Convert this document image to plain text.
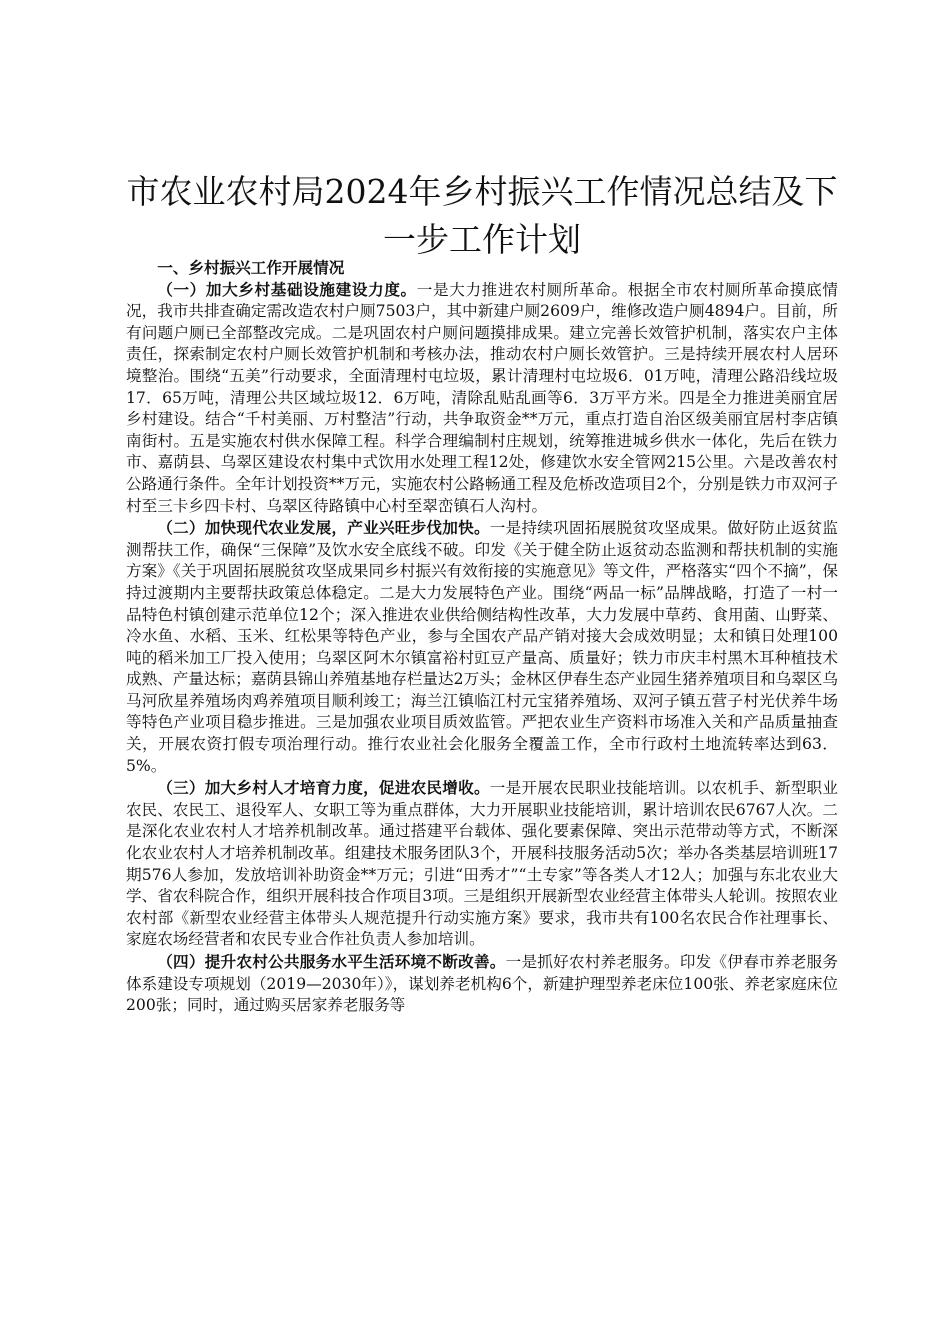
市农业农村局2024年乡村振兴工作情况总结及下一步工作计划

一、乡村振兴工作开展情况

（一）加大乡村基础设施建设力度。一是大力推进农村厕所革命。根据全市农村厕所革命摸底情况，我市共排查确定需改造农村户厕7503户，其中新建户厕2609户，维修改造户厕4894户。目前，所有问题户厕已全部整改完成。二是巩固农村户厕问题摸排成果。建立完善长效管护机制，落实农户主体责任，探索制定农村户厕长效管护机制和考核办法，推动农村户厕长效管护。三是持续开展农村人居环境整治。围绕“五美”行动要求，全面清理村屯垃圾，累计清理村屯垃圾6．01万吨，清理公路沿线垃圾17．65万吨，清理公共区域垃圾12．6万吨，清除乱贴乱画等6．3万平方米。四是全力推进美丽宜居乡村建设。结合“千村美丽、万村整洁”行动，共争取资金**万元，重点打造自治区级美丽宜居村李店镇南街村。五是实施农村供水保障工程。科学合理编制村庄规划，统筹推进城乡供水一体化，先后在铁力市、嘉荫县、乌翠区建设农村集中式饮用水处理工程12处，修建饮水安全管网215公里。六是改善农村公路通行条件。全年计划投资**万元，实施农村公路畅通工程及危桥改造项目2个，分别是铁力市双河子村至三卡乡四卡村、乌翠区待路镇中心村至翠峦镇石人沟村。

（二）加快现代农业发展，产业兴旺步伐加快。一是持续巩固拓展脱贫攻坚成果。做好防止返贫监测帮扶工作，确保“三保障”及饮水安全底线不破。印发《关于健全防止返贫动态监测和帮扶机制的实施方案》《关于巩固拓展脱贫攻坚成果同乡村振兴有效衔接的实施意见》等文件，严格落实“四个不摘”，保持过渡期内主要帮扶政策总体稳定。二是大力发展特色产业。围绕“两品一标”品牌战略，打造了一村一品特色村镇创建示范单位12个；深入推进农业供给侧结构性改革，大力发展中草药、食用菌、山野菜、冷水鱼、水稻、玉米、红松果等特色产业，参与全国农产品产销对接大会成效明显；太和镇日处理100吨的稻米加工厂投入使用；乌翠区阿木尔镇富裕村豇豆产量高、质量好；铁力市庆丰村黑木耳种植技术成熟、产量达标；嘉荫县锦山养殖基地存栏量达2万头；金林区伊春生态产业园生猪养殖项目和乌翠区乌马河欣星养殖场肉鸡养殖项目顺利竣工；海兰江镇临江村元宝猪养殖场、双河子镇五营子村光伏养牛场等特色产业项目稳步推进。三是加强农业项目质效监管。严把农业生产资料市场准入关和产品质量抽查关，开展农资打假专项治理行动。推行农业社会化服务全覆盖工作，全市行政村土地流转率达到63．5%。

（三）加大乡村人才培育力度，促进农民增收。一是开展农民职业技能培训。以农机手、新型职业农民、农民工、退役军人、女职工等为重点群体，大力开展职业技能培训，累计培训农民6767人次。二是深化农业农村人才培养机制改革。通过搭建平台载体、强化要素保障、突出示范带动等方式，不断深化农业农村人才培养机制改革。组建技术服务团队3个，开展科技服务活动5次；举办各类基层培训班17期576人参加，发放培训补助资金**万元；引进“田秀才”“土专家”等各类人才12人；加强与东北农业大学、省农科院合作，组织开展科技合作项目3项。三是组织开展新型农业经营主体带头人轮训。按照农业农村部《新型农业经营主体带头人规范提升行动实施方案》要求，我市共有100名农民合作社理事长、家庭农场经营者和农民专业合作社负责人参加培训。

（四）提升农村公共服务水平生活环境不断改善。一是抓好农村养老服务。印发《伊春市养老服务体系建设专项规划（2019—2030年）》，谋划养老机构6个，新建护理型养老床位100张、养老家庭床位200张；同时，通过购买居家养老服务等
